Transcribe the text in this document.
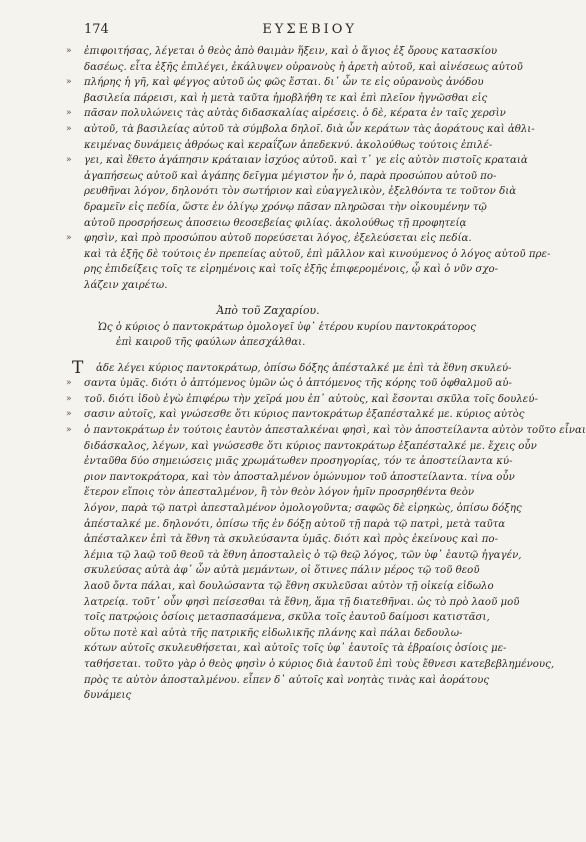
174	ΕΥΣΕΒΙΟΥ
» ἐπιφοιτήσας, λέγεται ὁ θεὸς ἀπὸ θαιμὰν ἥξειν, καὶ ὁ ἅγιος ἐξ ὄρους κατασκίου
δασέως. εἶτα ἑξῆς ἐπιλέγει, ἐκάλυψεν οὐρανοὺς ἡ ἀρετὴ αὐτοῦ, καὶ αἰνέσεως αὐτοῦ
» πλήρης ἡ γῆ, καὶ φέγγος αὐτοῦ ὡς φῶς ἔσται. δι᾽ ὧν τε εἰς οὐρανοὺς ἀνόδου
βασιλεία πάρεισι, καὶ ἡ μετὰ ταῦτα ἠμοβλήθη τε καὶ ἐπὶ πλεῖον ἠγνῶσθαι εἰς
» πᾶσαν πολυλώνεις τὰς αὐτὰς διδασκαλίας αἰρέσεις. ὁ δὲ, κέρατα ἐν ταῖς χερσὶν
» αὐτοῦ, τὰ βασιλείας αὐτοῦ τὰ σύμβολα δηλοῖ. διὰ ὧν κεράτων τὰς ἀοράτους καὶ ἀθλι-
κειμένας δυνάμεις ἀθρόως καὶ κεραΐζων ἀπεδεκνύ. ἀκολούθως τούτοις ἐπιλέ-
» γει, καὶ ἔθετο ἀγάπησιν κράταιαν ἰσχύος αὐτοῦ. καὶ τ᾽ γε εἰς αὐτὸν πιστοῖς κραταιὰ
ἀγαπήσεως αὐτοῦ καὶ ἀγάπης δεῖγμα μέγιστον ἦν ὁ, παρὰ προσώπου αὐτοῦ πο-
ρευθῆναι λόγον, δηλονότι τὸν σωτήριον καὶ εὐαγγελικὸν, ἐξελθόντα τε τοῦτον διὰ
δραμεῖν εἰς πεδία, ὥστε ἐν ὀλίγῳ χρόνῳ πᾶσαν πληρῶσαι τὴν οἰκουμένην τῷ
αὐτοῦ προσρήσεως ἀποσειω θεοσεβείας φιλίας. ἀκολούθως τῇ προφητείᾳ
» φησὶν, καὶ πρὸ προσώπου αὐτοῦ πορεύσεται λόγος, ἐξελεύσεται εἰς πεδία.
καὶ τὰ ἑξῆς δὲ τούτοις ἐν πρεπείας αὐτοῦ, ἐπὶ μᾶλλον καὶ κινούμενος ὁ λόγος αὐτοῦ πρε-
ρης ἐπιδείξεις τοῖς τε εἰρημένοις καὶ τοῖς ἑξῆς ἐπιφερομένοις, ᾧ καὶ ὁ νῦν σχο-
λάζειν χαιρέτω.
Ἀπὸ τοῦ Ζαχαρίου.
Ὡς ὁ κύριος ὁ παντοκράτωρ ὁμολογεῖ ὑφ᾽ ἑτέρου κυρίου παντοκράτορος
ἐπὶ καιροῦ τῆς φαύλων ἀπεσχάλθαι.
Τ	ἀδε λέγει κύριος παντοκράτωρ, ὀπίσω δόξης ἀπέσταλκέ με ἐπὶ τὰ ἔθνη σκυλεύ-
» σαντα ὑμᾶς. διότι ὁ ἀπτόμενος ὑμῶν ὡς ὁ ἀπτόμενος τῆς κόρης τοῦ ὀφθαλμοῦ αὐ-
» τοῦ. διότι ἰδοὺ ἐγὼ ἐπιφέρω τὴν χεῖρά μου ἐπ᾽ αὐτοὺς, καὶ ἔσονται σκῦλα τοῖς δουλεύ-
» σασιν αὐτοῖς, καὶ γνώσεσθε ὅτι κύριος παντοκράτωρ ἐξαπέσταλκέ με. κύριος αὐτὸς
» ὁ παντοκράτωρ ἐν τούτοις ἑαυτὸν ἀπεσταλκέναι φησὶ, καὶ τὸν ἀποστείλαντα αὐτὸν τοῦτο εἶναι
διδάσκαλος, λέγων, καὶ γνώσεσθε ὅτι κύριος παντοκράτωρ ἐξαπέσταλκέ με. ἔχεις οὖν
ἐνταῦθα δύο σημειώσεις μιᾶς χρωμάτωθεν προσηγορίας, τόν τε ἀποστείλαντα κύ-
ριον παντοκράτορα, καὶ τὸν ἀποσταλμένον ὁμώνυμον τοῦ ἀποστείλαντα. τίνα οὖν
ἕτερον εἴποις τὸν ἀπεσταλμένον, ἢ τὸν θεὸν λόγον ἡμῖν προσρηθέντα θεὸν
λόγον, παρὰ τῷ πατρὶ ἀπεσταλμένον ὁμολογοῦντα; σαφῶς δὲ εἰρηκὼς, ὀπίσω δόξης
ἀπέσταλκέ με. δηλονότι, ὀπίσω τῆς ἐν δόξῃ αὐτοῦ τῇ παρὰ τῷ πατρὶ, μετὰ ταῦτα
ἀπέσταλκεν ἐπὶ τὰ ἔθνη τὰ σκυλεύσαντα ὑμᾶς. διότι καὶ πρὸς ἐκείνους καὶ πο-
λέμια τῷ λαῷ τοῦ θεοῦ τὰ ἔθνη ἀποσταλεὶς ὁ τῷ θεῷ λόγος, τῶν ὑφ᾽ ἑαυτῷ ἠγαγέν,
σκυλεύσας αὐτὰ ἀφ᾽ ὧν αὐτὰ μεμάντων, οἱ ὅτινες πάλιν μέρος τῷ τοῦ θεοῦ
λαοῦ ὄντα πάλαι, καὶ δουλώσαντα τῷ ἔθνη σκυλεῦσαι αὐτὸν τῇ οἰκείᾳ εἰδωλο
λατρείᾳ. τοῦτ᾽ οὖν φησὶ πείσεσθαι τὰ ἔθνη, ἅμα τῇ διατεθῆναι. ὡς τὸ πρὸ λαοῦ μοῦ
τοῖς πατρῴοις ὁσίοις μετασπασάμενα, σκῦλα τοῖς ἑαυτοῦ δαίμοσι κατιστᾶσι,
οὕτω ποτὲ καὶ αὐτὰ τῆς πατρικῆς εἰδωλικῆς πλάνης καὶ πάλαι δεδουλω-
κότων αὐτοῖς σκυλευθήσεται, καὶ αὐτοῖς τοῖς ὑφ᾽ ἑαυτοῖς τὰ ἑβραίοις ὁσίοις με-
ταθήσεται. τοῦτο γὰρ ὁ θεὸς φησὶν ὁ κύριος διὰ ἑαυτοῦ ἐπὶ τοὺς ἔθνεσι κατεβεβλημένους,
πρὸς τε αὐτὸν ἀποσταλμένου. εἶπεν δ᾽ αὐτοῖς καὶ νοητὰς τινὰς καὶ ἀοράτους
δυνάμεις
